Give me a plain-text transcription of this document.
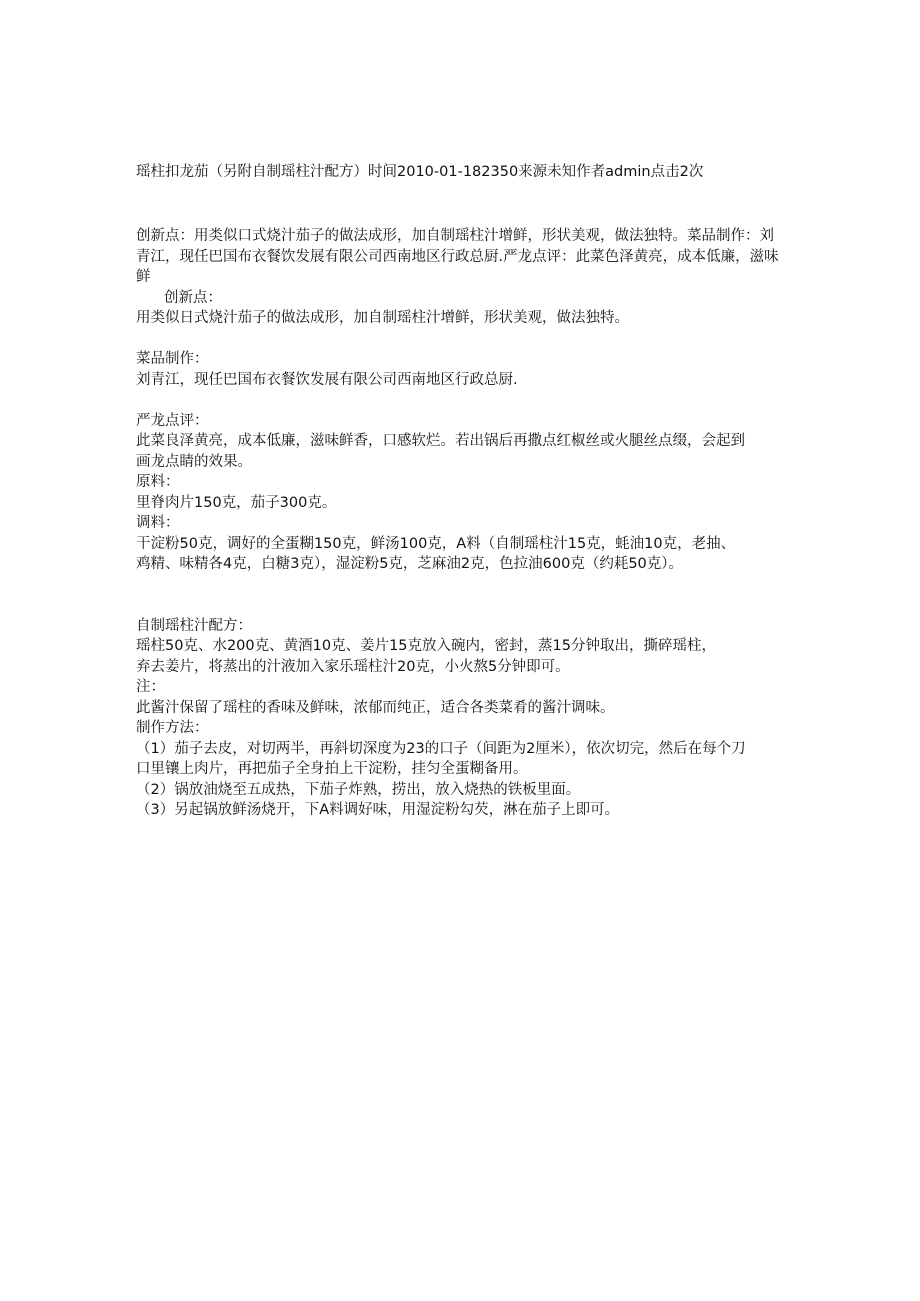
瑶柱扣龙茄（另附自制瑶柱汁配方）时间2010-01-182350来源未知作者admin点击2次

创新点：用类似口式烧汁茄子的做法成形，加自制瑶柱汁增鲜，形状美观，做法独特。菜品制作：刘青江，现任巴国布衣餐饮发展有限公司西南地区行政总厨.严龙点评：此菜色泽黄亮，成本低廉，滋味鲜

创新点：
用类似日式烧汁茄子的做法成形，加自制瑶柱汁增鲜，形状美观，做法独特。
菜品制作：
刘青江，现任巴国布衣餐饮发展有限公司西南地区行政总厨.
严龙点评：
此菜良泽黄亮，成本低廉，滋味鲜香，口感软烂。若出锅后再撒点红椒丝或火腿丝点缀，会起到
画龙点睛的效果。
原料：
里脊肉片150克，茄子300克。
调料：
干淀粉50克，调好的全蛋糊150克，鲜汤100克，A料（自制瑶柱汁15克，蚝油10克，老抽、
鸡精、味精各4克，白糖3克），湿淀粉5克，芝麻油2克，色拉油600克（约耗50克）。
自制瑶柱汁配方：
瑶柱50克、水200克、黄酒10克、姜片15克放入碗内，密封，蒸15分钟取出，撕碎瑶柱，
弃去姜片，将蒸出的汁液加入家乐瑶柱汁20克，小火熬5分钟即可。
注：
此酱汁保留了瑶柱的香味及鲜味，浓郁而纯正，适合各类菜肴的酱汁调味。
制作方法：
（1）茄子去皮，对切两半，再斜切深度为23的口子（间距为2厘米），依次切完，然后在每个刀
口里镶上肉片，再把茄子全身拍上干淀粉，挂匀全蛋糊备用。
（2）锅放油烧至五成热，下茄子炸熟，捞出，放入烧热的铁板里面。
（3）另起锅放鲜汤烧开，下A料调好味，用湿淀粉勾芡，淋在茄子上即可。
